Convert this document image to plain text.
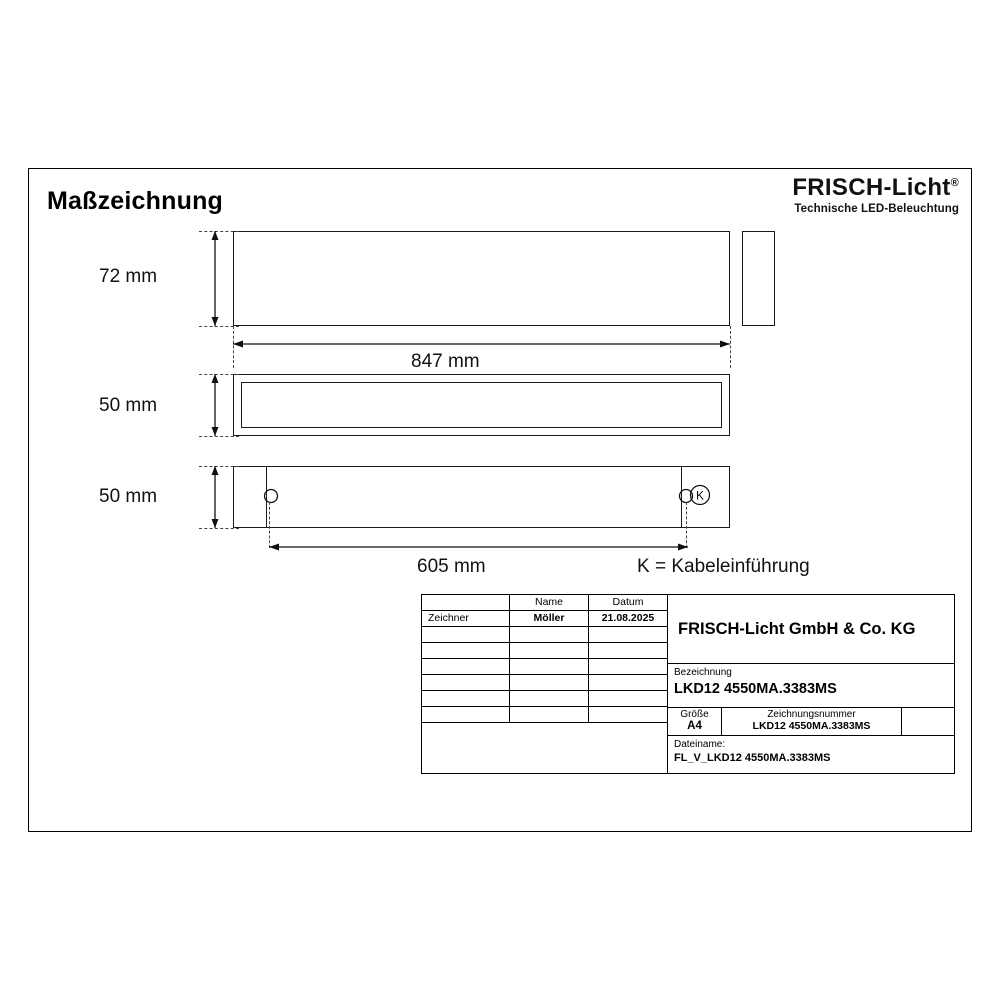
Maßzeichnung	FRISCH-Licht®
Technische LED-Beleuchtung
72 mm
847 mm
50 mm
K
50 mm
605 mm	K = Kabeleinführung
Name	Datum
Zeichner	Möller	21.08.2025
FRISCH-Licht GmbH & Co. KG
Bezeichnung
LKD12 4550MA.3383MS
Größe
A4
Zeichnungsnummer
LKD12 4550MA.3383MS
Dateiname:
FL_V_LKD12 4550MA.3383MS
